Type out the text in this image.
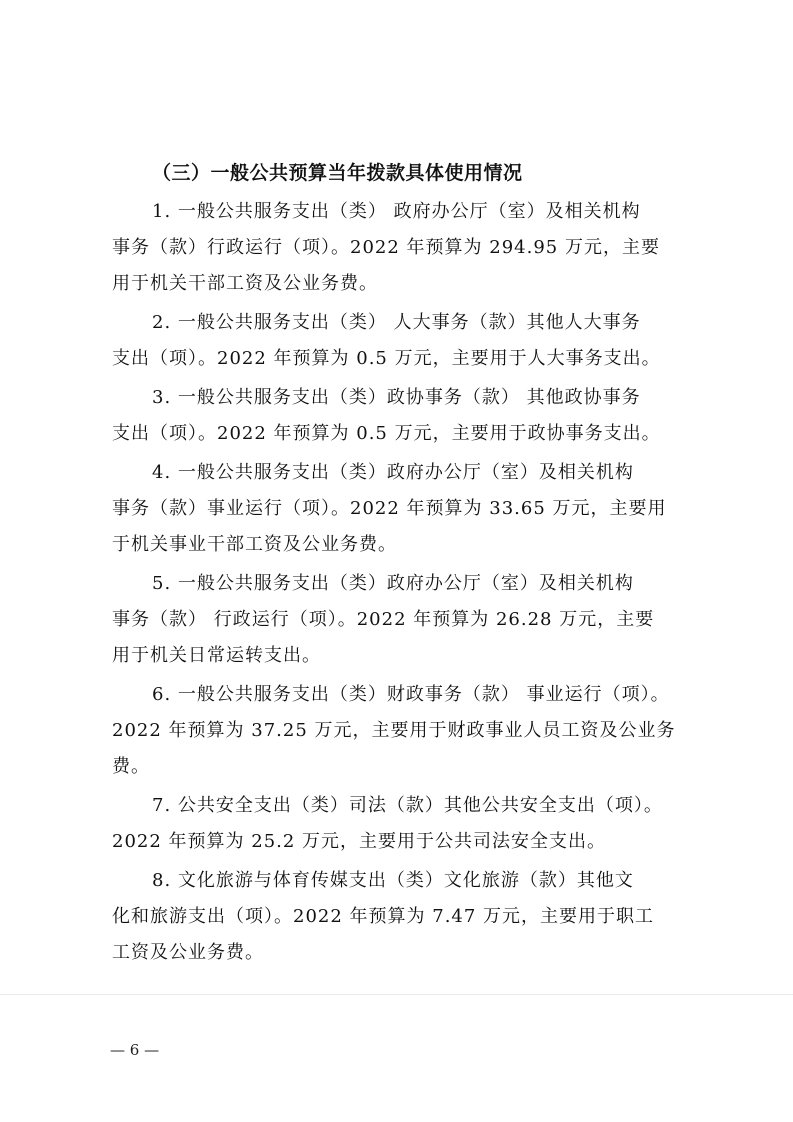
（三）一般公共预算当年拨款具体使用情况
1. 一般公共服务支出（类） 政府办公厅（室）及相关机构
事务（款）行政运行（项）。2022 年预算为 294.95 万元，主要
用于机关干部工资及公业务费。
2. 一般公共服务支出（类） 人大事务（款）其他人大事务
支出（项）。2022 年预算为 0.5 万元，主要用于人大事务支出。
3. 一般公共服务支出（类）政协事务（款） 其他政协事务
支出（项）。2022 年预算为 0.5 万元，主要用于政协事务支出。
4. 一般公共服务支出（类）政府办公厅（室）及相关机构
事务（款）事业运行（项）。2022 年预算为 33.65 万元，主要用
于机关事业干部工资及公业务费。
5. 一般公共服务支出（类）政府办公厅（室）及相关机构
事务（款） 行政运行（项）。2022 年预算为 26.28 万元，主要
用于机关日常运转支出。
6. 一般公共服务支出（类）财政事务（款） 事业运行（项）。
2022 年预算为 37.25 万元，主要用于财政事业人员工资及公业务
费。
7. 公共安全支出（类）司法（款）其他公共安全支出（项）。
2022 年预算为 25.2 万元，主要用于公共司法安全支出。
8. 文化旅游与体育传媒支出（类）文化旅游（款）其他文
化和旅游支出（项）。2022 年预算为 7.47 万元，主要用于职工
工资及公业务费。
— 6 —
